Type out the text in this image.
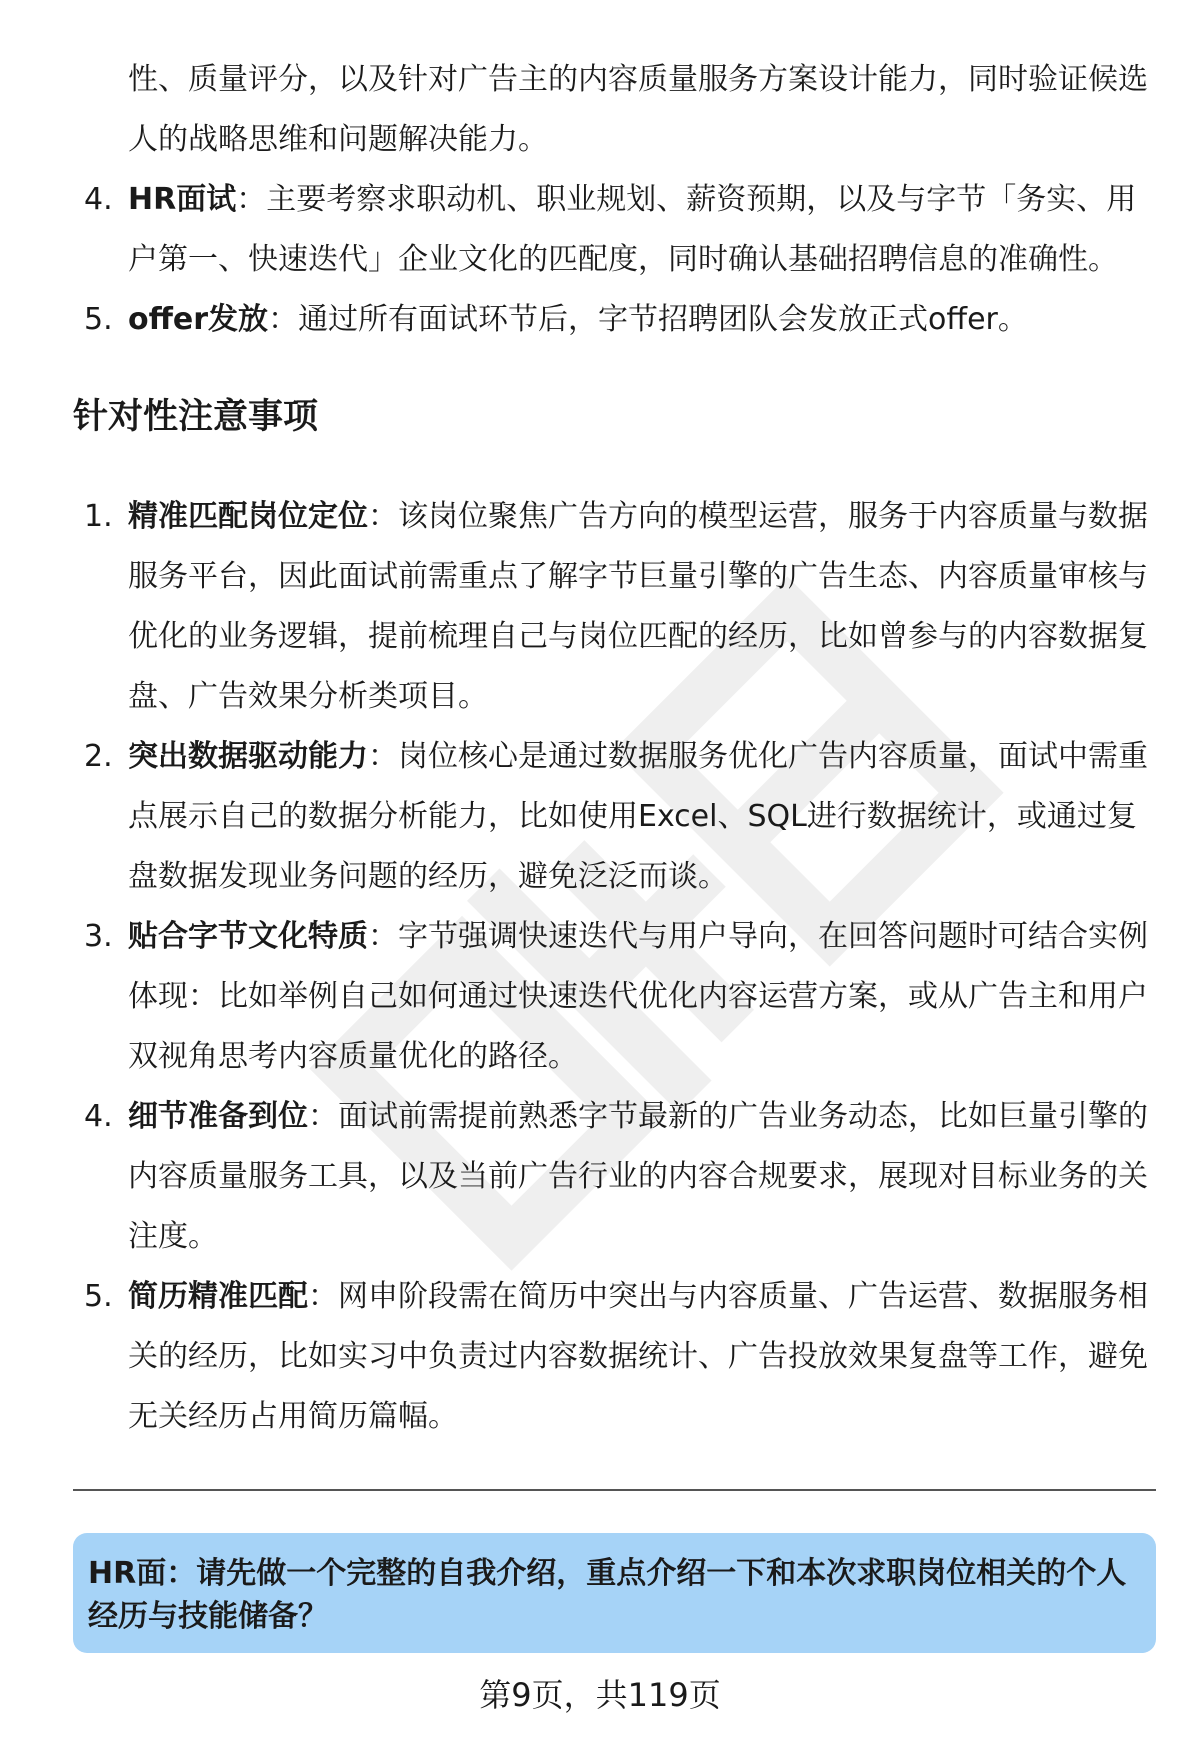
性、质量评分，以及针对广告主的内容质量服务方案设计能力，同时验证候选人的战略思维和问题解决能力。

4. HR面试：主要考察求职动机、职业规划、薪资预期，以及与字节「务实、用户第一、快速迭代」企业文化的匹配度，同时确认基础招聘信息的准确性。
5. offer发放：通过所有面试环节后，字节招聘团队会发放正式offer。
针对性注意事项
1. 精准匹配岗位定位：该岗位聚焦广告方向的模型运营，服务于内容质量与数据服务平台，因此面试前需重点了解字节巨量引擎的广告生态、内容质量审核与优化的业务逻辑，提前梳理自己与岗位匹配的经历，比如曾参与的内容数据复盘、广告效果分析类项目。
2. 突出数据驱动能力：岗位核心是通过数据服务优化广告内容质量，面试中需重点展示自己的数据分析能力，比如使用Excel、SQL进行数据统计，或通过复盘数据发现业务问题的经历，避免泛泛而谈。
3. 贴合字节文化特质：字节强调快速迭代与用户导向，在回答问题时可结合实例体现：比如举例自己如何通过快速迭代优化内容运营方案，或从广告主和用户双视角思考内容质量优化的路径。
4. 细节准备到位：面试前需提前熟悉字节最新的广告业务动态，比如巨量引擎的内容质量服务工具，以及当前广告行业的内容合规要求，展现对目标业务的关注度。
5. 简历精准匹配：网申阶段需在简历中突出与内容质量、广告运营、数据服务相关的经历，比如实习中负责过内容数据统计、广告投放效果复盘等工作，避免无关经历占用简历篇幅。
HR面：请先做一个完整的自我介绍，重点介绍一下和本次求职岗位相关的个人经历与技能储备？
第9页，共119页
